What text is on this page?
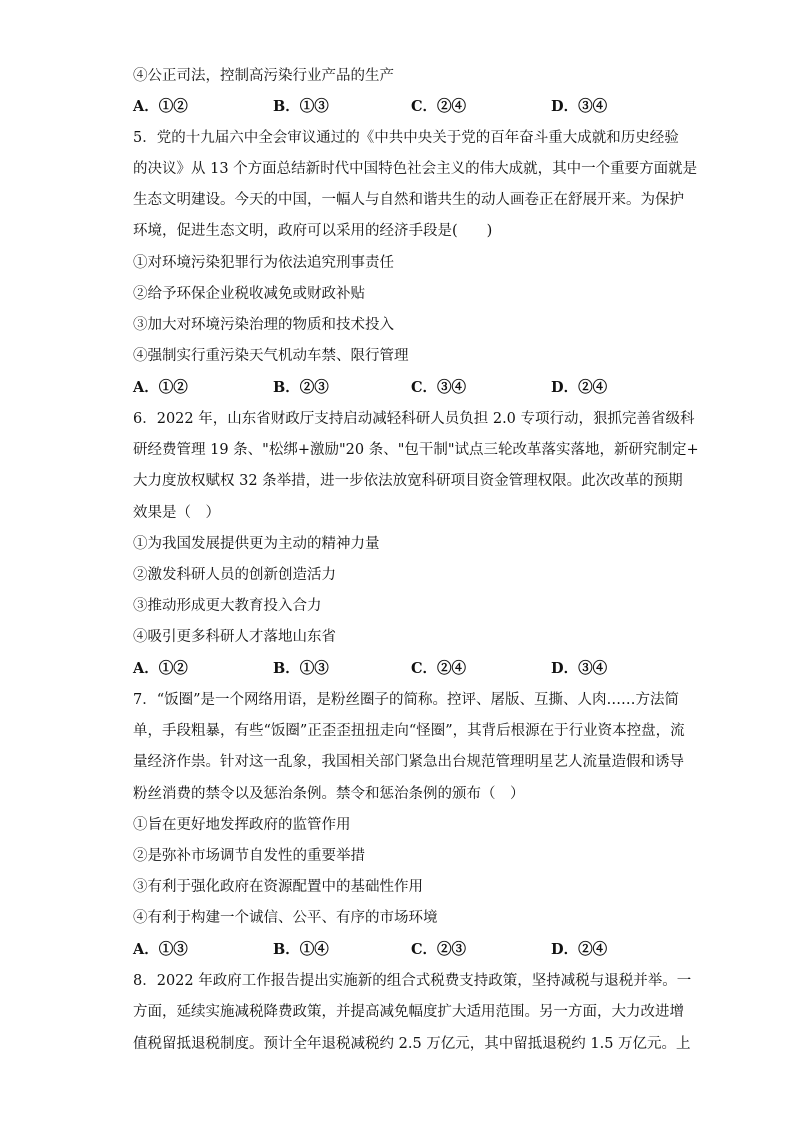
④公正司法，控制高污染行业产品的生产
A．①②	B．①③	C．②④	D．③④
5．党的十九届六中全会审议通过的《中共中央关于党的百年奋斗重大成就和历史经验
的决议》从 13 个方面总结新时代中国特色社会主义的伟大成就，其中一个重要方面就是
生态文明建设。今天的中国，一幅人与自然和谐共生的动人画卷正在舒展开来。为保护
环境，促进生态文明，政府可以采用的经济手段是(　　)
①对环境污染犯罪行为依法追究刑事责任
②给予环保企业税收减免或财政补贴
③加大对环境污染治理的物质和技术投入
④强制实行重污染天气机动车禁、限行管理
A．①②	B．②③	C．③④	D．②④
6．2022 年，山东省财政厅支持启动减轻科研人员负担 2.0 专项行动，狠抓完善省级科
研经费管理 19 条、"松绑+激励"20 条、"包干制"试点三轮改革落实落地，新研究制定+
大力度放权赋权 32 条举措，进一步依法放宽科研项目资金管理权限。此次改革的预期
效果是（　）
①为我国发展提供更为主动的精神力量
②激发科研人员的创新创造活力
③推动形成更大教育投入合力
④吸引更多科研人才落地山东省
A．①②	B．①③	C．②④	D．③④
7．“饭圈”是一个网络用语，是粉丝圈子的简称。控评、屠版、互撕、人肉……方法简
单，手段粗暴，有些“饭圈”正歪歪扭扭走向“怪圈”，其背后根源在于行业资本控盘，流
量经济作祟。针对这一乱象，我国相关部门紧急出台规范管理明星艺人流量造假和诱导
粉丝消费的禁令以及惩治条例。禁令和惩治条例的颁布（　）
①旨在更好地发挥政府的监管作用
②是弥补市场调节自发性的重要举措
③有利于强化政府在资源配置中的基础性作用
④有利于构建一个诚信、公平、有序的市场环境
A．①③	B．①④	C．②③	D．②④
8．2022 年政府工作报告提出实施新的组合式税费支持政策，坚持减税与退税并举。一
方面，延续实施减税降费政策，并提高减免幅度扩大适用范围。另一方面，大力改进增
值税留抵退税制度。预计全年退税减税约 2.5 万亿元，其中留抵退税约 1.5 万亿元。上
